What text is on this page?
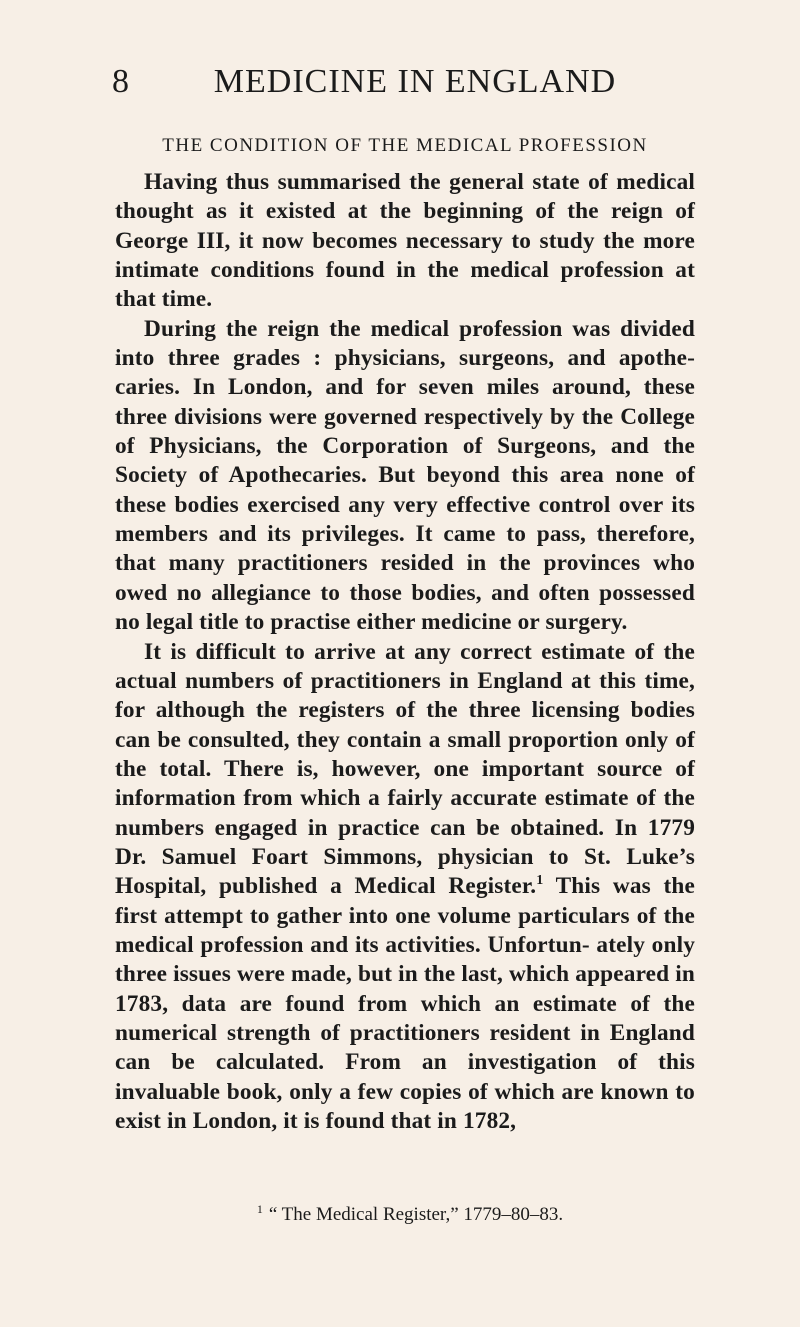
8	MEDICINE IN ENGLAND
THE CONDITION OF THE MEDICAL PROFESSION

Having thus summarised the general state of medical thought as it existed at the beginning of the reign of George III, it now becomes necessary to study the more intimate conditions found in the medical profession at that time.

During the reign the medical profession was divided into three grades : physicians, surgeons, and apothe- caries. In London, and for seven miles around, these three divisions were governed respectively by the College of Physicians, the Corporation of Surgeons, and the Society of Apothecaries. But beyond this area none of these bodies exercised any very effective control over its members and its privileges. It came to pass, therefore, that many practitioners resided in the provinces who owed no allegiance to those bodies, and often possessed no legal title to practise either medicine or surgery.

It is difficult to arrive at any correct estimate of the actual numbers of practitioners in England at this time, for although the registers of the three licensing bodies can be consulted, they contain a small proportion only of the total. There is, however, one important source of information from which a fairly accurate estimate of the numbers engaged in practice can be obtained. In 1779 Dr. Samuel Foart Simmons, physician to St. Luke’s Hospital, published a Medical Register.$^1$ This was the first attempt to gather into one volume particulars of the medical profession and its activities. Unfortun- ately only three issues were made, but in the last, which appeared in 1783, data are found from which an estimate of the numerical strength of practitioners resident in England can be calculated. From an investigation of this invaluable book, only a few copies of which are known to exist in London, it is found that in 1782,

$^1$ “ The Medical Register,” 1779–80–83.
